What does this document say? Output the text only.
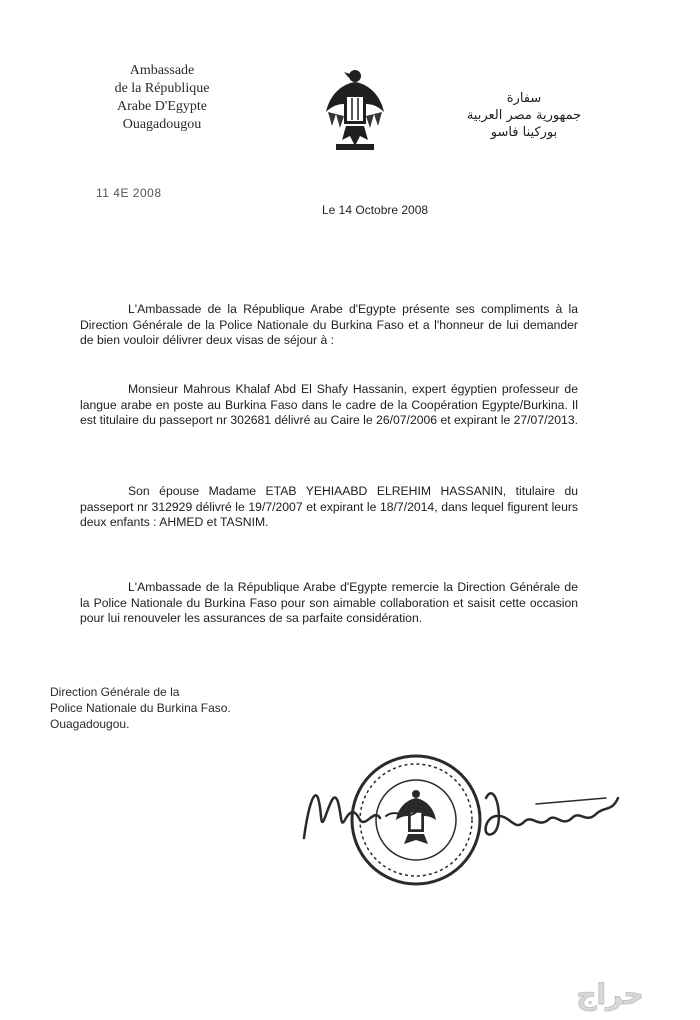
Ambassade
de la République
Arabe D'Egypte
Ouagadougou
سفارة
جمهورية مصر العربية
بوركينا فاسو
11 4E 2008
Le 14 Octobre 2008

L'Ambassade de la République Arabe d'Egypte présente ses compliments à la Direction Générale de la Police Nationale du Burkina Faso et a l'honneur de lui demander de bien vouloir délivrer deux visas de séjour à :

Monsieur Mahrous Khalaf Abd El Shafy Hassanin, expert égyptien professeur de langue arabe en poste au Burkina Faso dans le cadre de la Coopération Egypte/Burkina. Il est titulaire du passeport nr 302681 délivré au Caire le 26/07/2006 et expirant le 27/07/2013.

Son épouse Madame ETAB YEHIAABD ELREHIM HASSANIN, titulaire du passeport nr 312929 délivré le 19/7/2007 et expirant le 18/7/2014, dans lequel figurent leurs deux enfants : AHMED et TASNIM.

L'Ambassade de la République Arabe d'Egypte remercie la Direction Générale de la Police Nationale du Burkina Faso pour son aimable collaboration et saisit cette occasion pour lui renouveler les assurances de sa parfaite considération.

Direction Générale de la
Police Nationale du Burkina Faso.
Ouagadougou.
حراج
